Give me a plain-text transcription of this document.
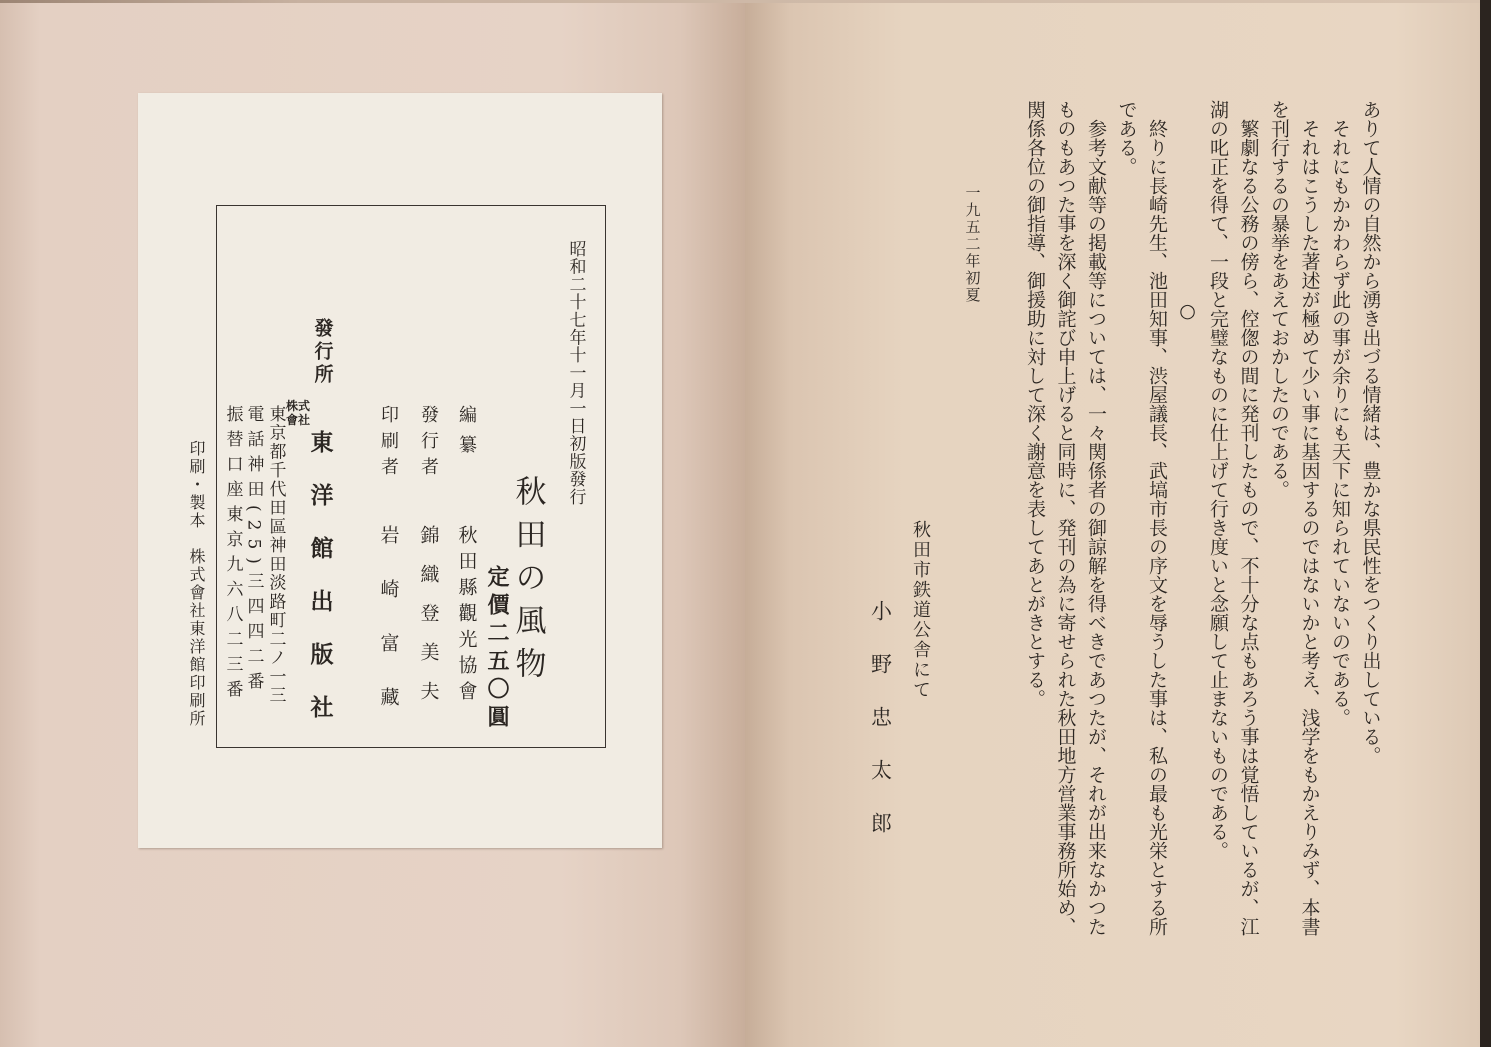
昭和二十七年十一月一日初版發行
秋田の風物
定價二五〇圓
編纂
秋田縣觀光協會
發行者
錦織登美夫
印刷者
岩崎富藏
發行所
株式
會社
東洋館出版社
東京都千代田區神田淡路町二ノ一三
電話神田(25)三四四二番
振替口座東京九六八二三番
印刷・製本　株式會社東洋館印刷所	ありて人情の自然から湧き出づる情緒は、豊かな県民性をつくり出している。
それにもかかわらず此の事が余りにも天下に知られていないのである。
それはこうした著述が極めて少い事に基因するのではないかと考え、浅学をもかえりみず、本書
を刊行するの暴挙をあえておかしたのである。
繁劇なる公務の傍ら、倥偬の間に発刊したもので、不十分な点もあろう事は覚悟しているが、江
湖の叱正を得て、一段と完璧なものに仕上げて行き度いと念願して止まないものである。
○
終りに長崎先生、池田知事、渋屋議長、武塙市長の序文を辱うした事は、私の最も光栄とする所
である。
参考文献等の掲載等については、一々関係者の御諒解を得べきであつたが、それが出来なかつた
ものもあつた事を深く御詫び申上げると同時に、発刊の為に寄せられた秋田地方営業事務所始め、
関係各位の御指導、御援助に対して深く謝意を表してあとがきとする。
一九五二年初夏
秋田市鉄道公舎にて
小野忠太郎
